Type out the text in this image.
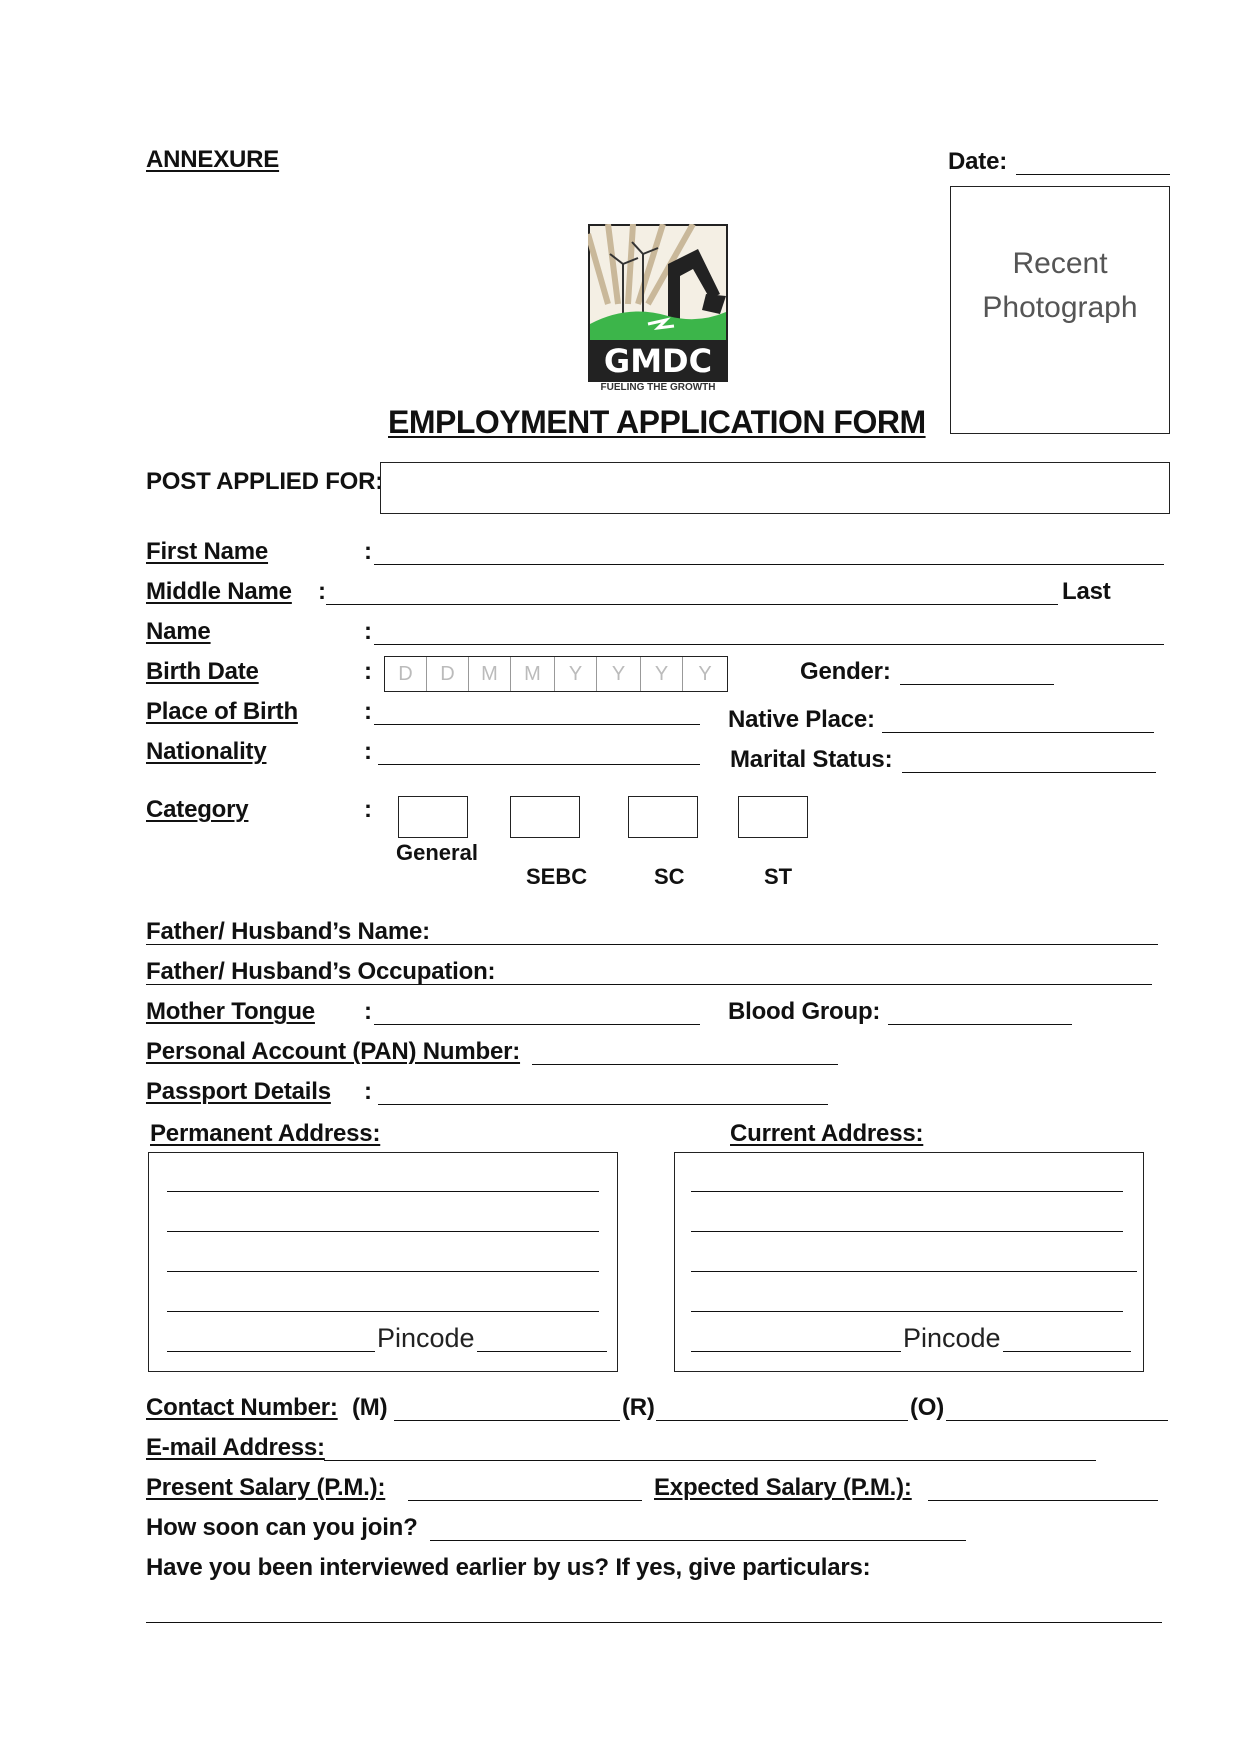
ANNEXURE	Date:
Recent
Photograph
GMDC
FUELING THE GROWTH
EMPLOYMENT APPLICATION FORM
POST APPLIED FOR:
First Name	:
Middle Name :	Last
Name	:
Birth Date	:	D	D	M	M	Y	Y	Y	Y	Gender:
Place of Birth	:	Native Place:
Nationality	:	Marital Status:
Category	:
General
SEBC	SC	ST
Father/ Husband’s Name:
Father/ Husband’s Occupation:
Mother Tongue :	Blood Group:
Personal Account (PAN) Number:
Passport Details :
Permanent Address:	Current Address:
Pincode	Pincode
Contact Number: (M)	(R)	(O)
E-mail Address:
Present Salary (P.M.):	Expected Salary (P.M.):
How soon can you join?
Have you been interviewed earlier by us? If yes, give particulars:
